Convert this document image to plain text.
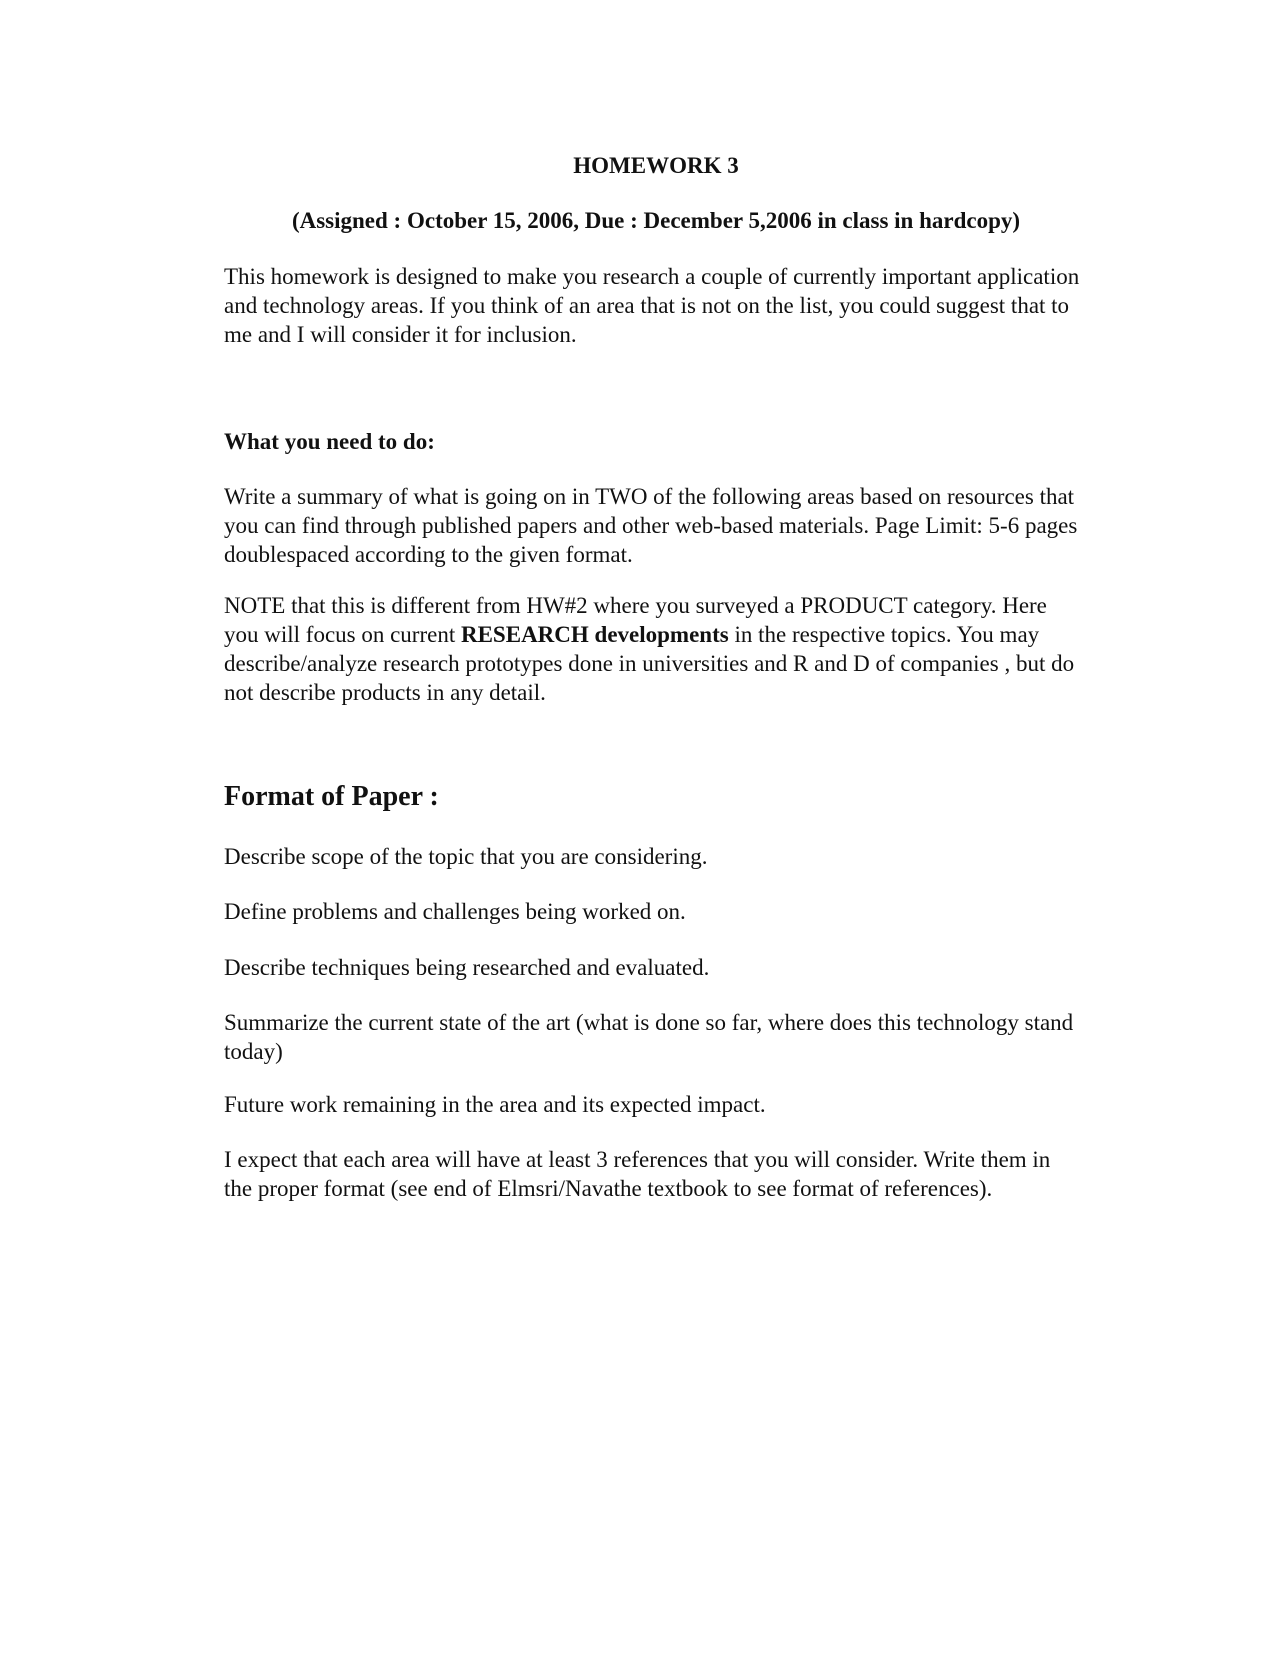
HOMEWORK 3

(Assigned : October 15, 2006, Due : December 5,2006 in class in hardcopy)

This homework is designed to make you research a couple of currently important application and technology areas. If you think of an area that is not on the list, you could suggest that to me and I will consider it for inclusion.

What you need to do:

Write a summary of what is going on in TWO of the following areas based on resources that you can find through published papers and other web-based materials. Page Limit: 5-6 pages doublespaced according to the given format.

NOTE that this is different from HW#2 where you surveyed a PRODUCT category. Here you will focus on current RESEARCH developments in the respective topics. You may describe/analyze research prototypes done in universities and R and D of companies , but do not describe products in any detail.

Format of Paper :

Describe scope of the topic that you are considering.

Define problems and challenges being worked on.

Describe techniques being researched and evaluated.

Summarize the current state of the art (what is done so far, where does this technology stand today)

Future work remaining in the area and its expected impact.

I expect that each area will have at least 3 references that you will consider. Write them in the proper format (see end of Elmsri/Navathe textbook to see format of references).
